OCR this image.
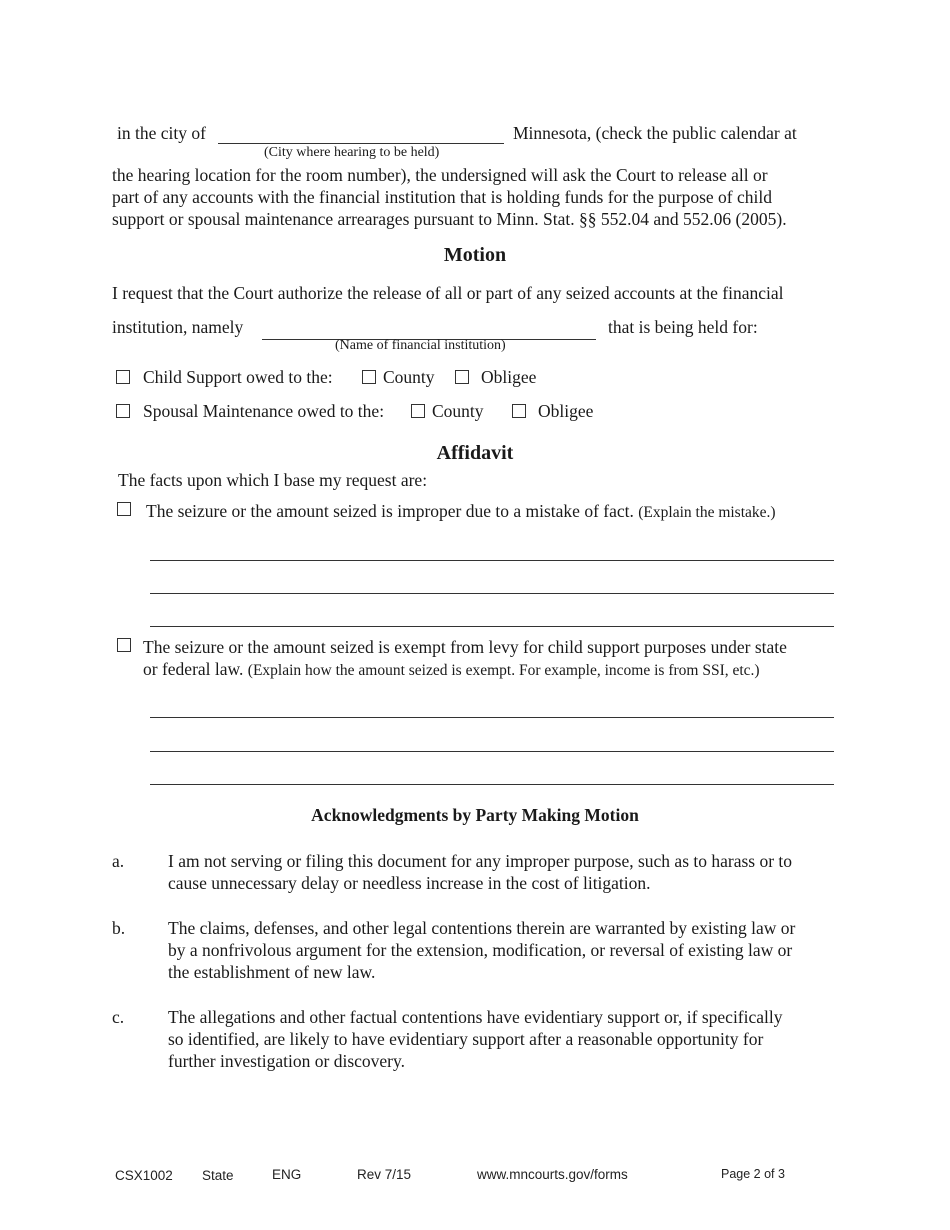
in the city of
(City where hearing to be held)
Minnesota, (check the public calendar at
the hearing location for the room number), the undersigned will ask the Court to release all or
part of any accounts with the financial institution that is holding funds for the purpose of child
support or spousal maintenance arrearages pursuant to Minn. Stat. §§ 552.04 and 552.06 (2005).
Motion
I request that the Court authorize the release of all or part of any seized accounts at the financial
institution, namely
(Name of financial institution)
that is being held for:
Child Support owed to the:	County	Obligee
Spousal Maintenance owed to the:	County	Obligee
Affidavit
The facts upon which I base my request are:
The seizure or the amount seized is improper due to a mistake of fact. (Explain the mistake.)
The seizure or the amount seized is exempt from levy for child support purposes under state
or federal law. (Explain how the amount seized is exempt. For example, income is from SSI, etc.)
Acknowledgments by Party Making Motion
a.	I am not serving or filing this document for any improper purpose, such as to harass or to
cause unnecessary delay or needless increase in the cost of litigation.
b. The claims, defenses, and other legal contentions therein are warranted by existing law or
by a nonfrivolous argument for the extension, modification, or reversal of existing law or
the establishment of new law.
c.	The allegations and other factual contentions have evidentiary support or, if specifically
so identified, are likely to have evidentiary support after a reasonable opportunity for
further investigation or discovery.
CSX1002 State	ENG	Rev 7/15	www.mncourts.gov/forms	Page 2 of 3
